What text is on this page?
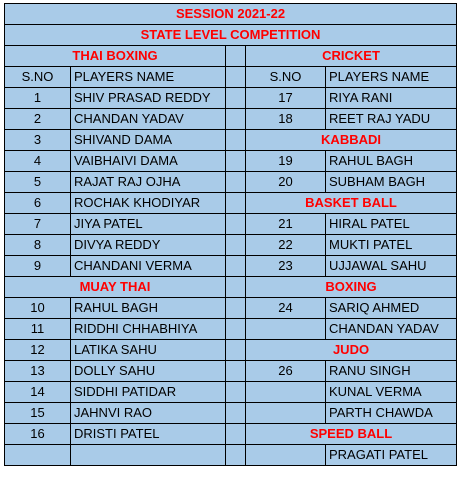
SESSION 2021-22				
STATE LEVEL COMPETITION				
THAI BOXING			CRICKET	
S.NO	PLAYERS NAME		S.NO	PLAYERS NAME
1	SHIV PRASAD REDDY		17	RIYA RANI
2	CHANDAN YADAV		18	REET RAJ YADU
3	SHIVAND DAMA		KABBADI	
4	VAIBHAIVI DAMA		19	RAHUL BAGH
5	RAJAT RAJ OJHA		20	SUBHAM BAGH
6	ROCHAK KHODIYAR		BASKET BALL	
7	JIYA PATEL		21	HIRAL PATEL
8	DIVYA REDDY		22	MUKTI PATEL
9	CHANDANI VERMA		23	UJJAWAL SAHU
MUAY THAI			BOXING	
10	RAHUL BAGH		24	SARIQ AHMED
11	RIDDHI CHHABHIYA			CHANDAN YADAV
12	LATIKA SAHU		JUDO	
13	DOLLY SAHU		26	RANU SINGH
14	SIDDHI PATIDAR			KUNAL VERMA
15	JAHNVI RAO			PARTH CHAWDA
16	DRISTI PATEL		SPEED BALL	
				PRAGATI PATEL
